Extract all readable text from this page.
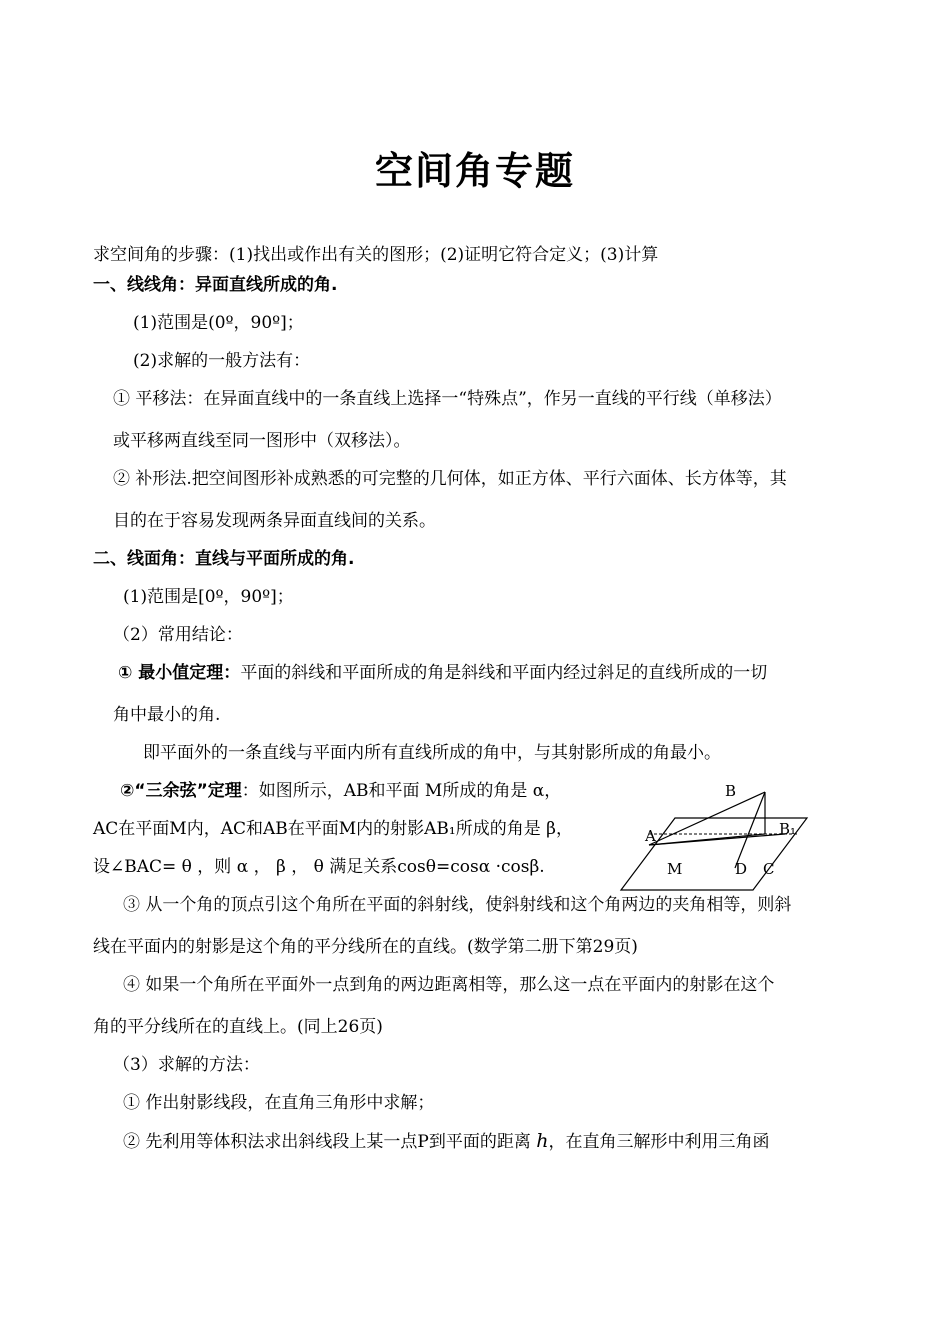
空间角专题
求空间角的步骤：(1)找出或作出有关的图形；(2)证明它符合定义；(3)计算
一、线线角：异面直线所成的角.
(1)范围是(0º，90º]；
(2)求解的一般方法有：
① 平移法：在异面直线中的一条直线上选择一“特殊点”，作另一直线的平行线（单移法）
或平移两直线至同一图形中（双移法）。
② 补形法.把空间图形补成熟悉的可完整的几何体，如正方体、平行六面体、长方体等，其
目的在于容易发现两条异面直线间的关系。
二、线面角：直线与平面所成的角.
(1)范围是[0º，90º]；
（2）常用结论：
① 最小值定理：平面的斜线和平面所成的角是斜线和平面内经过斜足的直线所成的一切
角中最小的角.
即平面外的一条直线与平面内所有直线所成的角中，与其射影所成的角最小。
②“三余弦”定理：如图所示，AB和平面 M所成的角是 α，
AC在平面M内，AC和AB在平面M内的射影AB₁所成的角是 β，
设∠BAC= θ ，则 α ， β ， θ 满足关系cosθ=cosα ·cosβ.
B
A	B₁
M	D C
③ 从一个角的顶点引这个角所在平面的斜射线，使斜射线和这个角两边的夹角相等，则斜
线在平面内的射影是这个角的平分线所在的直线。(数学第二册下第29页)
④ 如果一个角所在平面外一点到角的两边距离相等，那么这一点在平面内的射影在这个
角的平分线所在的直线上。(同上26页)
（3）求解的方法：
① 作出射影线段，在直角三角形中求解；
② 先利用等体积法求出斜线段上某一点P到平面的距离 h，在直角三解形中利用三角函
